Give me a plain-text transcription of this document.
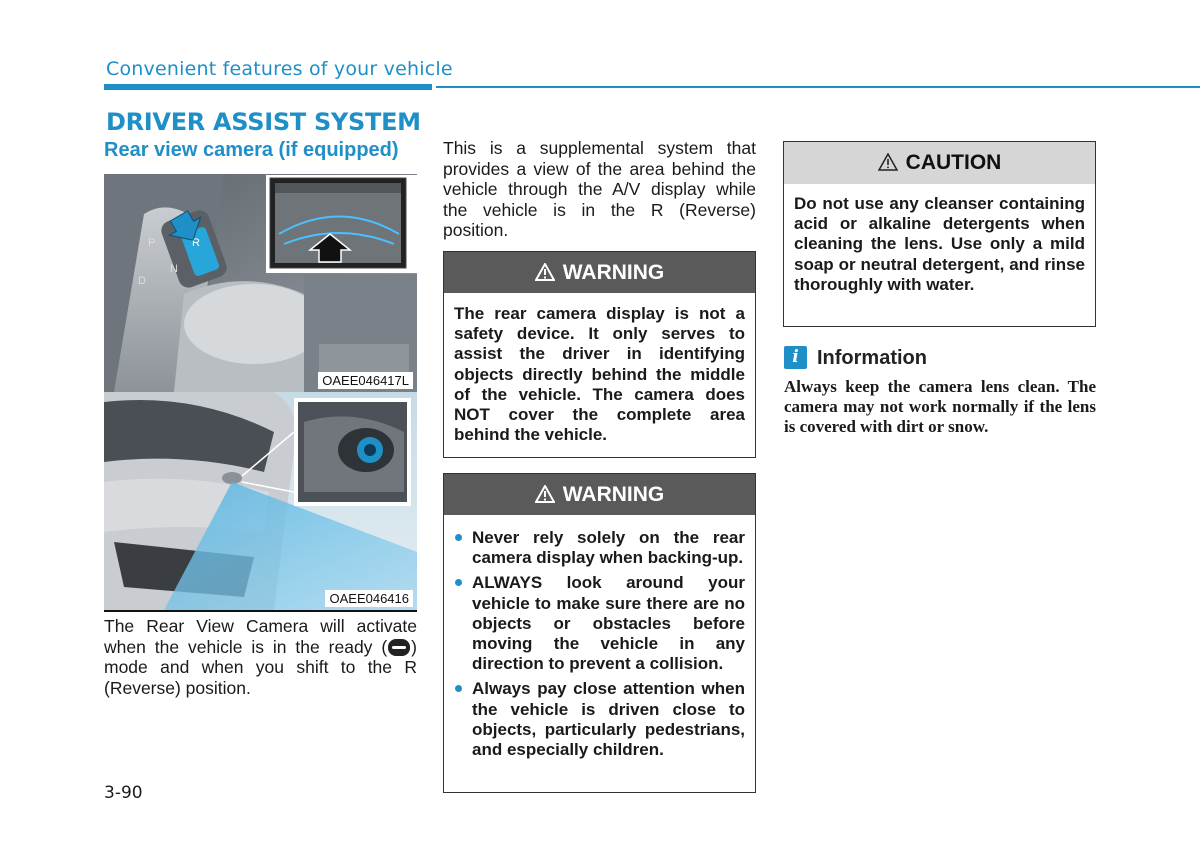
Convenient features of your vehicle
DRIVER ASSIST SYSTEM
Rear view camera (if equipped)
P	R
N
D
OAEE046417L
OAEE046416
The Rear View Camera will activate when the vehicle is in the ready ( ) mode and when you shift to the R (Reverse) position.
This is a supplemental system that provides a view of the area behind the vehicle through the A/V display while the vehicle is in the R (Reverse) position.
WARNING
The rear camera display is not a safety device. It only serves to assist the driver in identifying objects directly behind the middle of the vehicle. The camera does NOT cover the complete area behind the vehicle.
WARNING
Never rely solely on the rear camera display when backing-up.
ALWAYS look around your vehicle to make sure there are no objects or obstacles before moving the vehicle in any direction to prevent a collision.
Always pay close attention when the vehicle is driven close to objects, particularly pedestrians, and especially children.
CAUTION
Do not use any cleanser containing acid or alkaline detergents when cleaning the lens. Use only a mild soap or neutral detergent, and rinse thoroughly with water.
i Information
Always keep the camera lens clean. The camera may not work normally if the lens is covered with dirt or snow.
3-90
